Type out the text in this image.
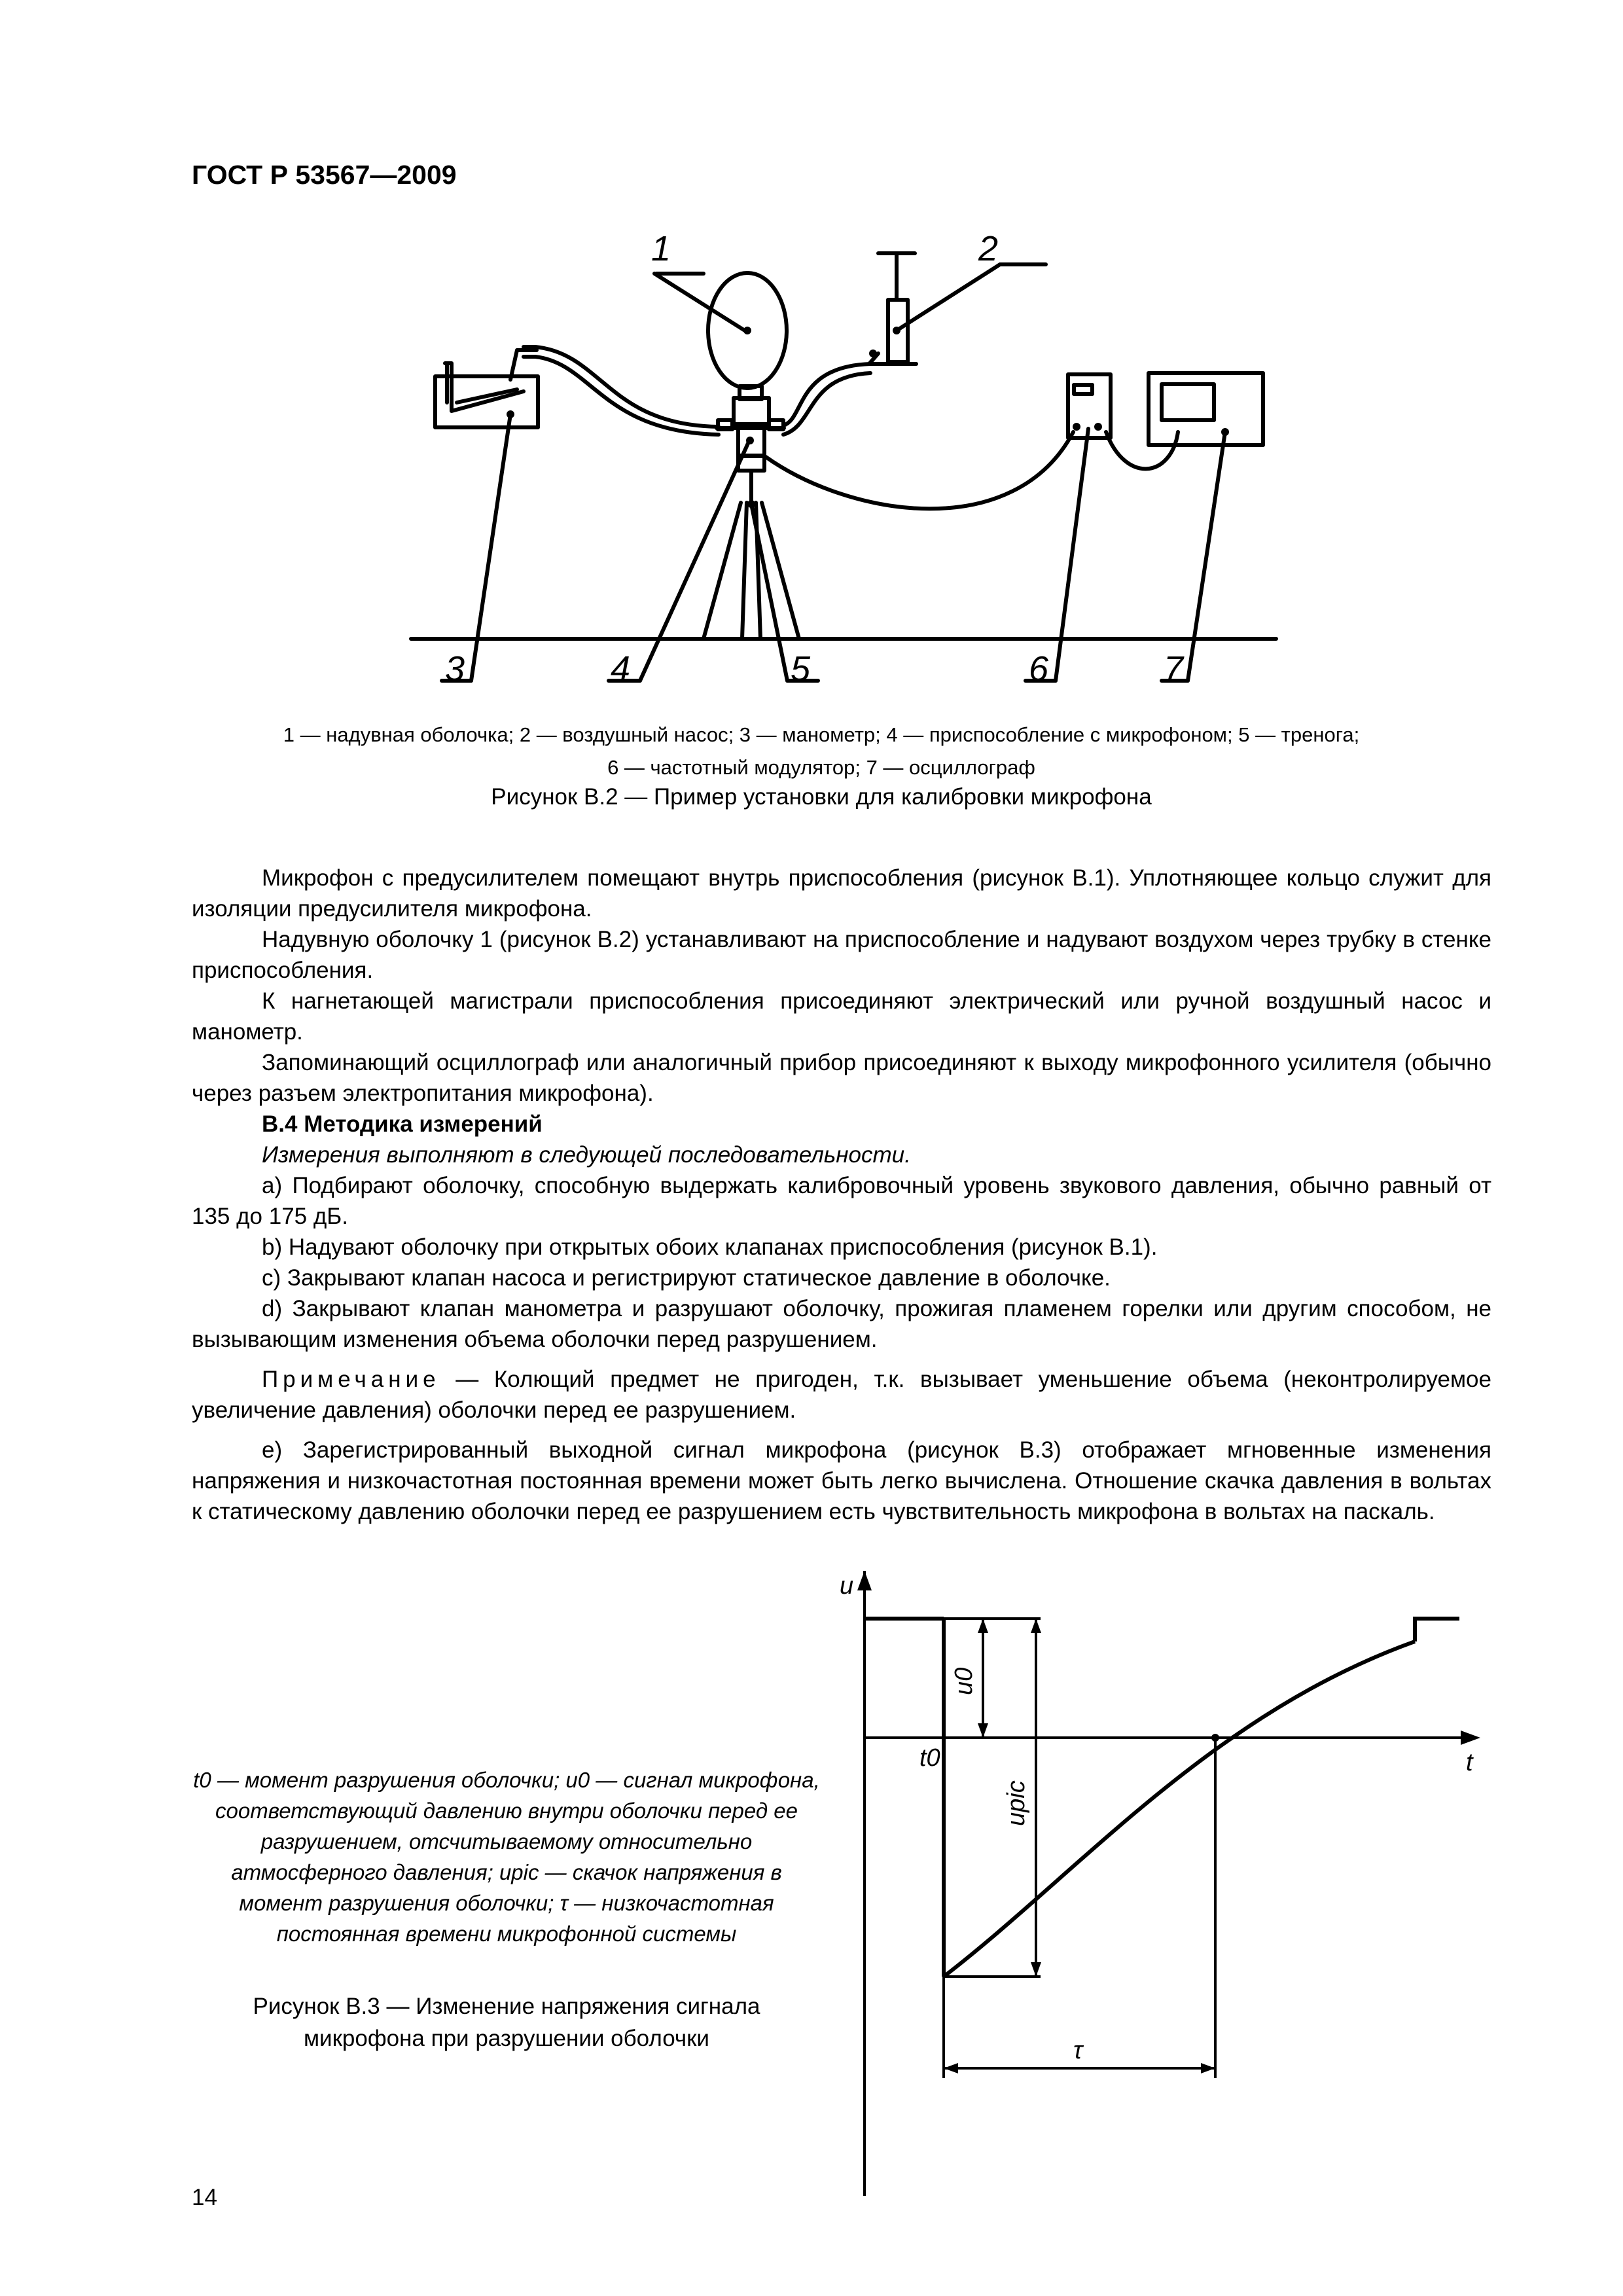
ГОСТ Р 53567—2009
1	2
3	4	5	6	7
1 — надувная оболочка; 2 — воздушный насос; 3 — манометр; 4 — приспособление с микрофоном; 5 — тренога;
6 — частотный модулятор; 7 — осциллограф
Рисунок В.2 — Пример установки для калибровки микрофона

Микрофон с предусилителем помещают внутрь приспособления (рисунок В.1). Уплотняющее кольцо служит для изоляции предусилителя микрофона.

Надувную оболочку 1 (рисунок В.2) устанавливают на приспособление и надувают воздухом через трубку в стенке приспособления.

К нагнетающей магистрали приспособления присоединяют электрический или ручной воздушный насос и манометр.

Запоминающий осциллограф или аналогичный прибор присоединяют к выходу микрофонного усилителя (обычно через разъем электропитания микрофона).

В.4 Методика измерений

Измерения выполняют в следующей последовательности.

a) Подбирают оболочку, способную выдержать калибровочный уровень звукового давления, обычно равный от 135 до 175 дБ.

b) Надувают оболочку при открытых обоих клапанах приспособления (рисунок В.1).

c) Закрывают клапан насоса и регистрируют статическое давление в оболочке.

d) Закрывают клапан манометра и разрушают оболочку, прожигая пламенем горелки или другим способом, не вызывающим изменения объема оболочки перед разрушением.

Примечание — Колющий предмет не пригоден, т.к. вызывает уменьшение объема (неконтролируемое увеличение давления) оболочки перед ее разрушением.

e) Зарегистрированный выходной сигнал микрофона (рисунок В.3) отображает мгновенные изменения напряжения и низкочастотная постоянная времени может быть легко вычислена. Отношение скачка давления в вольтах к статическому давлению оболочки перед ее разрушением есть чувствительность микрофона в вольтах на паскаль.

u
t
t0
u0
upic
τ
t0 — момент разрушения оболочки; u0 — сигнал микрофона, соответствующий давлению внутри оболочки перед ее разрушением, отсчитываемому относительно атмосферного давления; upic — скачок напряжения в момент разрушения оболочки; τ — низкочастотная постоянная времени микрофонной системы
Рисунок В.3 — Изменение напряжения сигнала
микрофона при разрушении оболочки
14
